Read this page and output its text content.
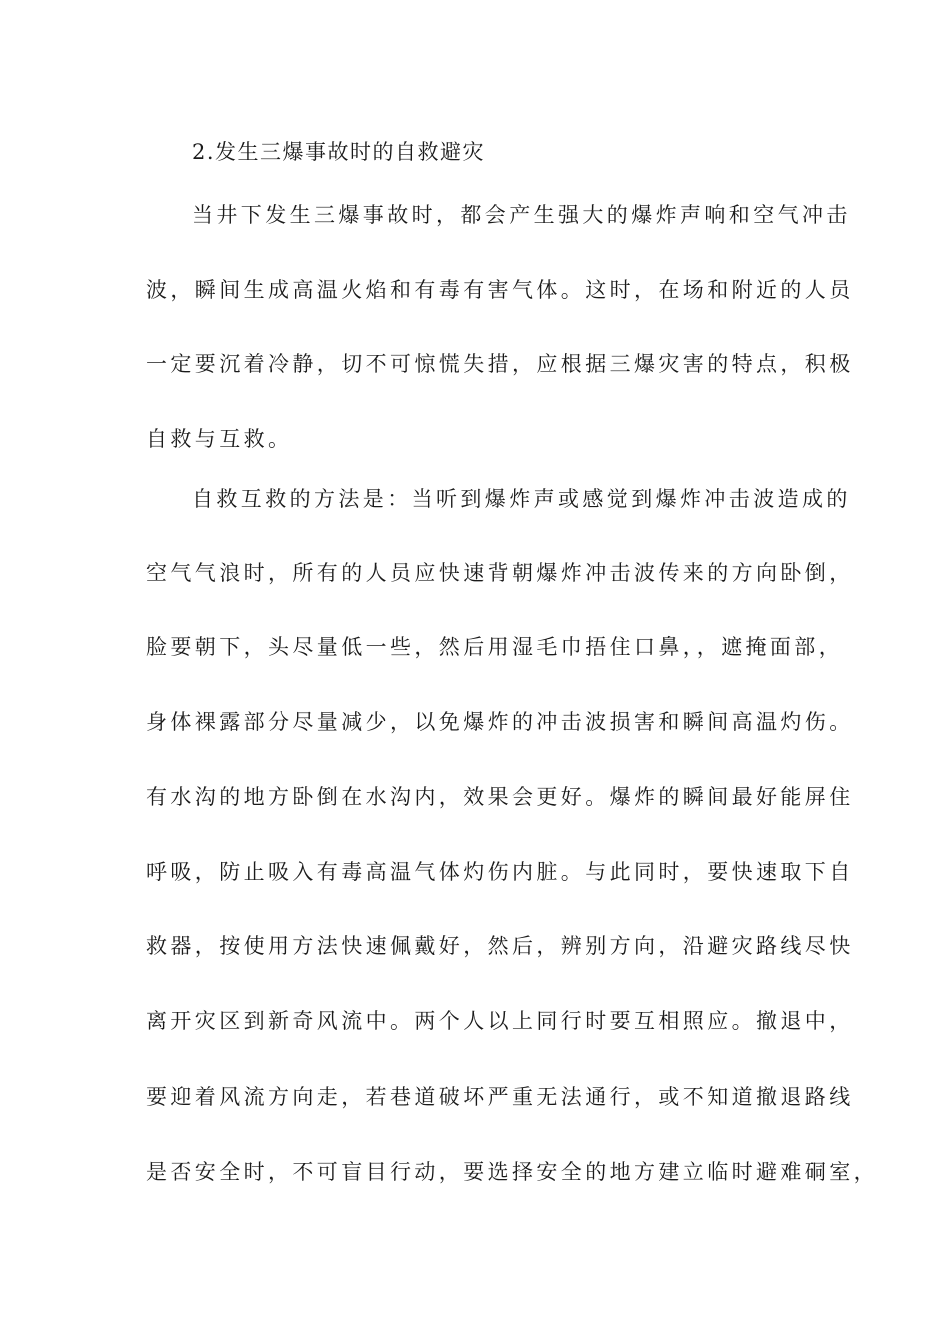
2.发生三爆事故时的自救避灾
当井下发生三爆事故时，都会产生强大的爆炸声响和空气冲击
波，瞬间生成高温火焰和有毒有害气体。这时，在场和附近的人员
一定要沉着冷静，切不可惊慌失措，应根据三爆灾害的特点，积极
自救与互救。
自救互救的方法是：当听到爆炸声或感觉到爆炸冲击波造成的
空气气浪时，所有的人员应快速背朝爆炸冲击波传来的方向卧倒，
脸要朝下，头尽量低一些，然后用湿毛巾捂住口鼻，，遮掩面部，
身体裸露部分尽量减少，以免爆炸的冲击波损害和瞬间高温灼伤。
有水沟的地方卧倒在水沟内，效果会更好。爆炸的瞬间最好能屏住
呼吸，防止吸入有毒高温气体灼伤内脏。与此同时，要快速取下自
救器，按使用方法快速佩戴好，然后，辨别方向，沿避灾路线尽快
离开灾区到新奇风流中。两个人以上同行时要互相照应。撤退中，
要迎着风流方向走，若巷道破坏严重无法通行，或不知道撤退路线
是否安全时，不可盲目行动，要选择安全的地方建立临时避难硐室，
